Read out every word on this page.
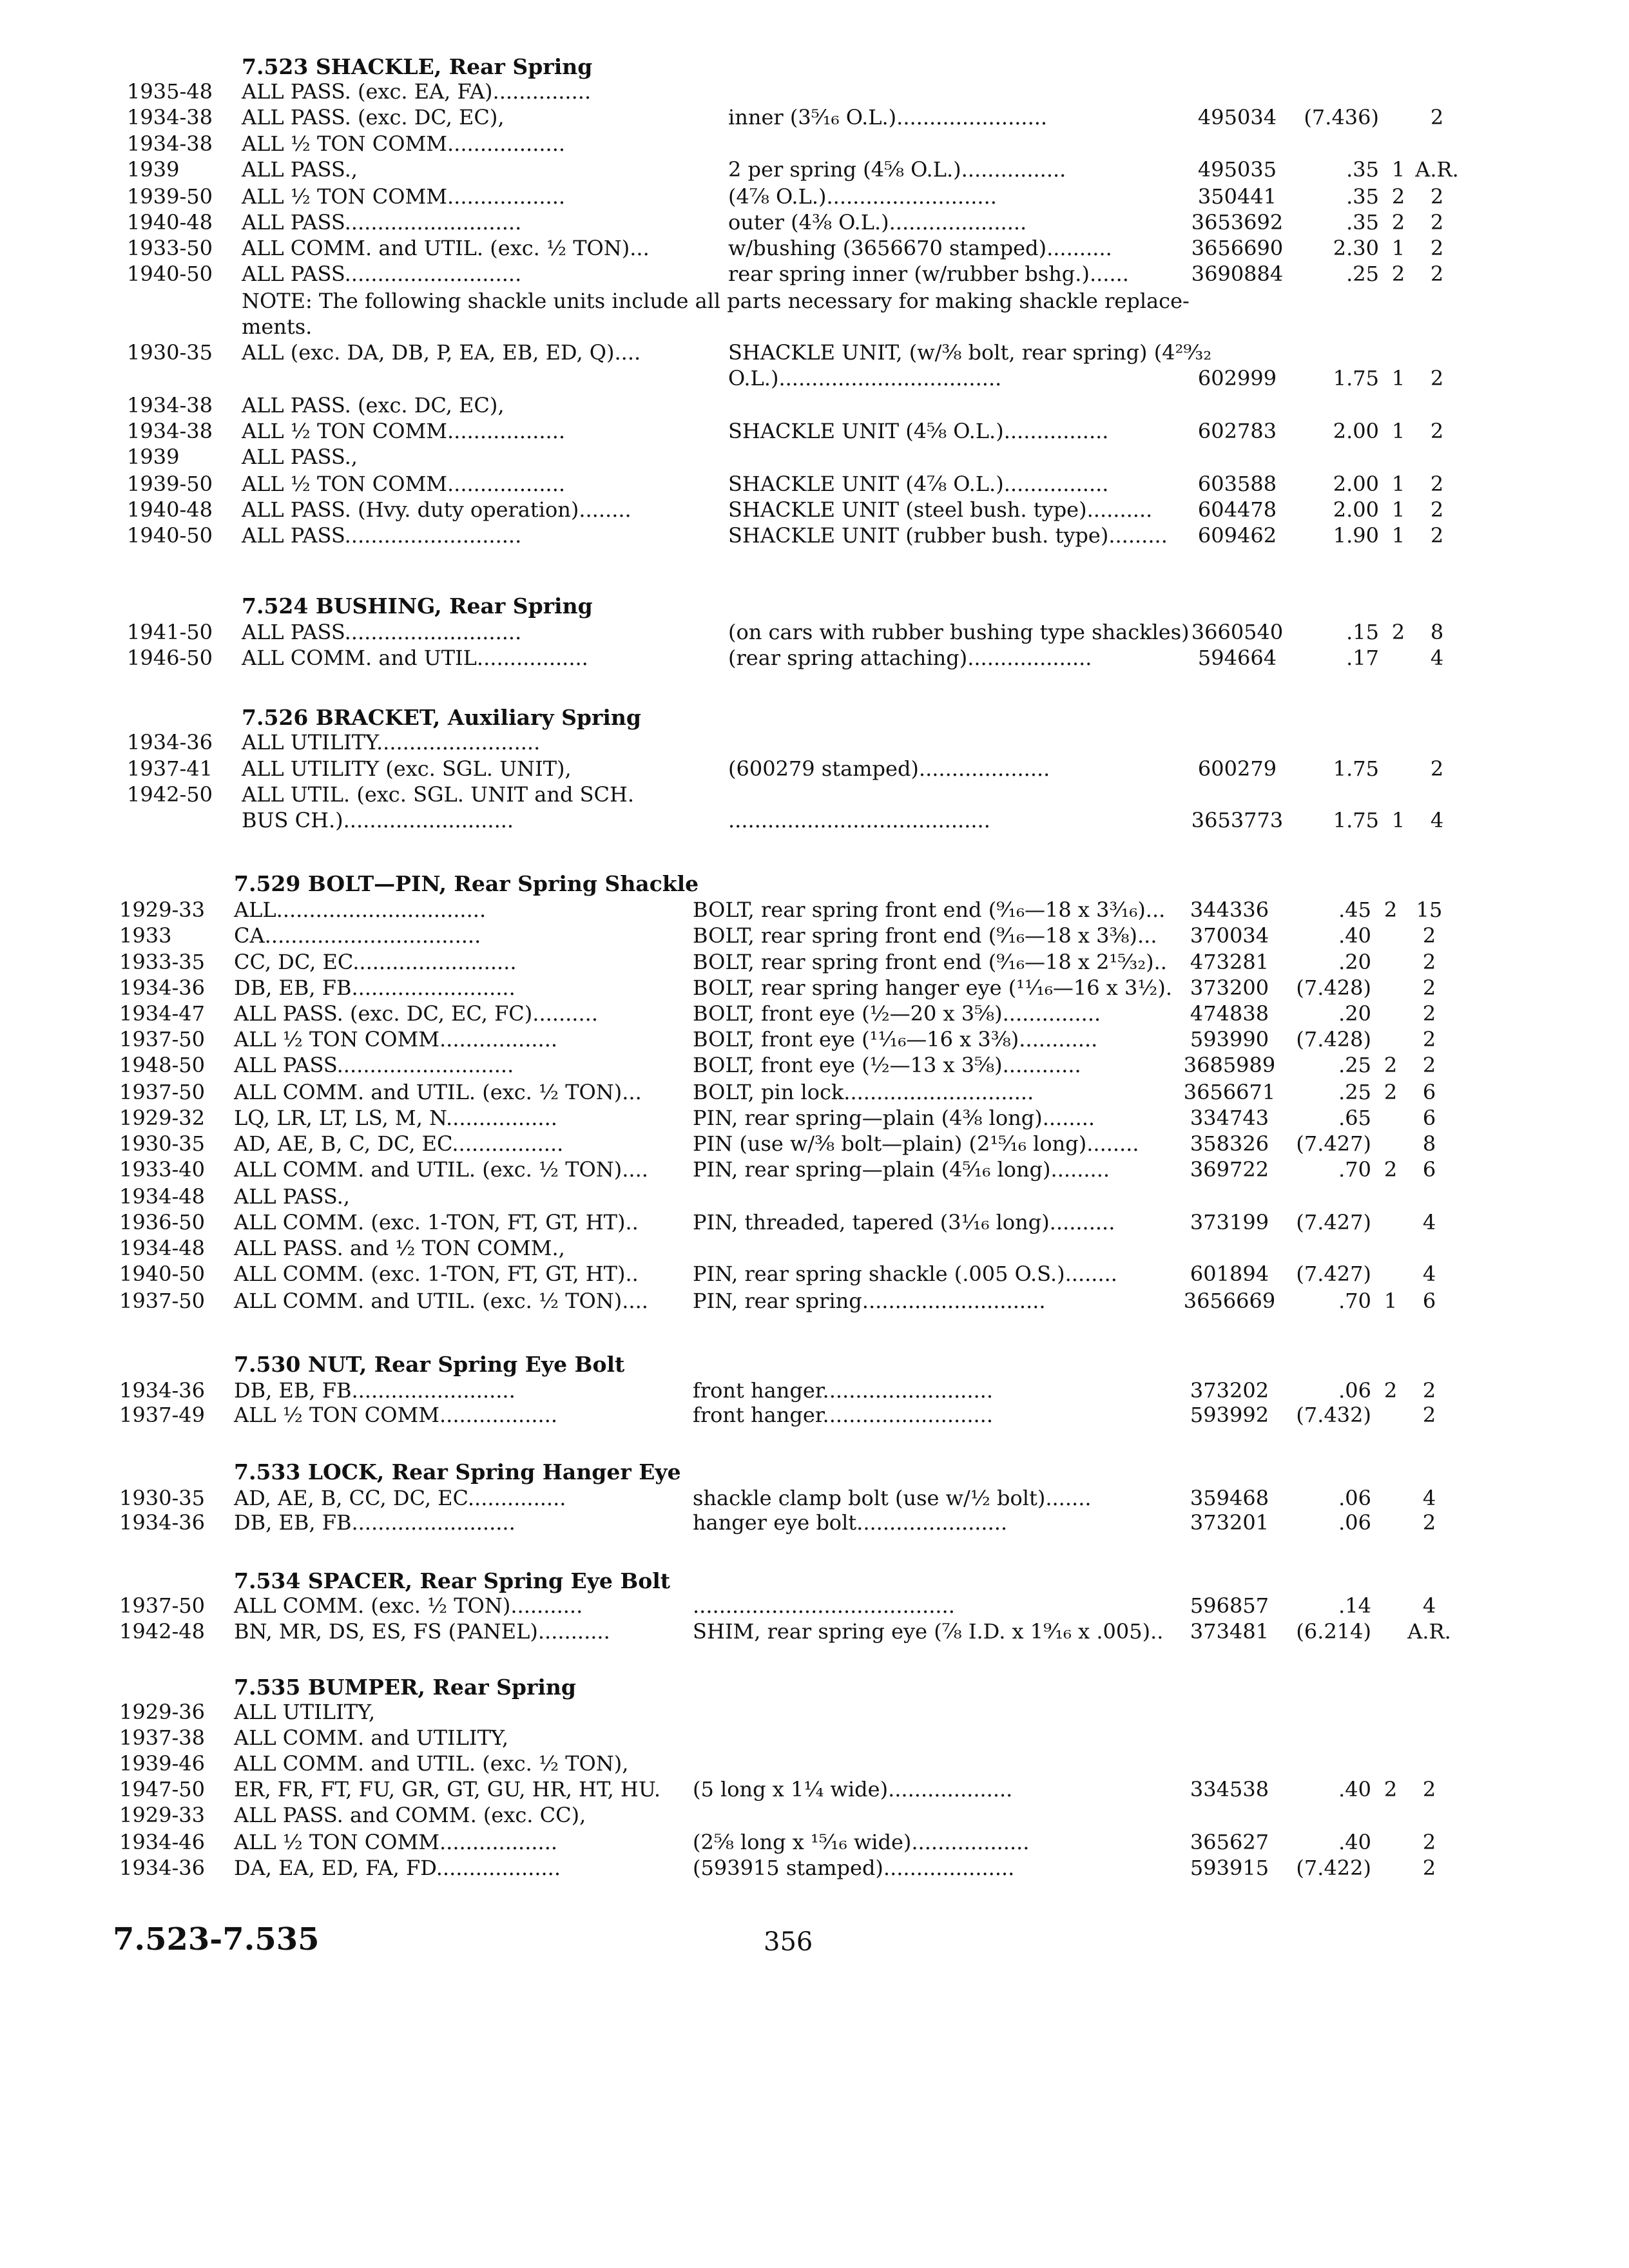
7.523 SHACKLE, Rear Spring
1935-48 ALL PASS. (exc. EA, FA)...............
1934-38 ALL PASS. (exc. DC, EC),	inner (3⁵⁄₁₆ O.L.).......................	495034	(7.436)	2
1934-38 ALL ½ TON COMM..................
1939	ALL PASS.,	2 per spring (4⅝ O.L.)................	495035	.35 1 A.R.
1939-50 ALL ½ TON COMM..................	(4⅞ O.L.)..........................	350441	.35 2	2
1940-48 ALL PASS...........................	outer (4⅜ O.L.).....................	3653692	.35 2	2
1933-50 ALL COMM. and UTIL. (exc. ½ TON)...	w/bushing (3656670 stamped)..........	3656690	2.30 1	2
1940-50 ALL PASS...........................	rear spring inner (w/rubber bshg.)......	3690884	.25 2	2
NOTE: The following shackle units include all parts necessary for making shackle replace-
ments.
1930-35 ALL (exc. DA, DB, P, EA, EB, ED, Q)....	SHACKLE UNIT, (w/⅜ bolt, rear spring) (4²⁹⁄₃₂
O.L.)..................................	602999	1.75 1	2
1934-38 ALL PASS. (exc. DC, EC),
1934-38 ALL ½ TON COMM..................	SHACKLE UNIT (4⅝ O.L.)................	602783	2.00 1	2
1939	ALL PASS.,
1939-50 ALL ½ TON COMM..................	SHACKLE UNIT (4⅞ O.L.)................	603588	2.00 1	2
1940-48 ALL PASS. (Hvy. duty operation)........	SHACKLE UNIT (steel bush. type)..........	604478	2.00 1	2
1940-50 ALL PASS...........................	SHACKLE UNIT (rubber bush. type).........	609462	1.90 1	2
7.524 BUSHING, Rear Spring
1941-50 ALL PASS...........................	(on cars with rubber bushing type shackles) 3660540	.15 2	8
1946-50 ALL COMM. and UTIL.................	(rear spring attaching)...................	594664	.17	4
7.526 BRACKET, Auxiliary Spring
1934-36 ALL UTILITY.........................
1937-41 ALL UTILITY (exc. SGL. UNIT),	(600279 stamped)....................	600279	1.75	2
1942-50 ALL UTIL. (exc. SGL. UNIT and SCH.
BUS CH.)..........................	........................................	3653773	1.75 1	4
7.529 BOLT—PIN, Rear Spring Shackle
1929-33 ALL................................	BOLT, rear spring front end (⁹⁄₁₆—18 x 3³⁄₁₆)...	344336	.45 2 15
1933	CA.................................	BOLT, rear spring front end (⁹⁄₁₆—18 x 3⅜)...	370034	.40	2
1933-35 CC, DC, EC.........................	BOLT, rear spring front end (⁹⁄₁₆—18 x 2¹⁵⁄₃₂)..	473281	.20	2
1934-36 DB, EB, FB.........................	BOLT, rear spring hanger eye (¹¹⁄₁₆—16 x 3½). 373200	(7.428)	2
1934-47 ALL PASS. (exc. DC, EC, FC)..........	BOLT, front eye (½—20 x 3⅝)...............	474838	.20	2
1937-50 ALL ½ TON COMM..................	BOLT, front eye (¹¹⁄₁₆—16 x 3⅜)............	593990	(7.428)	2
1948-50 ALL PASS...........................	BOLT, front eye (½—13 x 3⅝)............	3685989	.25 2	2
1937-50 ALL COMM. and UTIL. (exc. ½ TON)... BOLT, pin lock.............................	3656671	.25 2	6
1929-32 LQ, LR, LT, LS, M, N.................	PIN, rear spring—plain (4⅜ long)........	334743	.65	6
1930-35 AD, AE, B, C, DC, EC.................	PIN (use w/⅜ bolt—plain) (2¹⁵⁄₁₆ long)........	358326	(7.427)	8
1933-40 ALL COMM. and UTIL. (exc. ½ TON).... PIN, rear spring—plain (4⁵⁄₁₆ long).........	369722	.70 2	6
1934-48 ALL PASS.,
1936-50 ALL COMM. (exc. 1-TON, FT, GT, HT)..	PIN, threaded, tapered (3¹⁄₁₆ long)..........	373199	(7.427)	4
1934-48 ALL PASS. and ½ TON COMM.,
1940-50 ALL COMM. (exc. 1-TON, FT, GT, HT)..	PIN, rear spring shackle (.005 O.S.)........	601894	(7.427)	4
1937-50 ALL COMM. and UTIL. (exc. ½ TON).... PIN, rear spring............................	3656669	.70 1	6
7.530 NUT, Rear Spring Eye Bolt
1934-36 DB, EB, FB.........................	front hanger..........................	373202	.06 2	2
1937-49 ALL ½ TON COMM..................	front hanger..........................	593992	(7.432)	2
7.533 LOCK, Rear Spring Hanger Eye
1930-35 AD, AE, B, CC, DC, EC...............	shackle clamp bolt (use w/½ bolt).......	359468	.06	4
1934-36 DB, EB, FB.........................	hanger eye bolt.......................	373201	.06	2
7.534 SPACER, Rear Spring Eye Bolt
1937-50 ALL COMM. (exc. ½ TON)...........	........................................	596857	.14	4
1942-48 BN, MR, DS, ES, FS (PANEL)...........	SHIM, rear spring eye (⅞ I.D. x 1⁹⁄₁₆ x .005)..	373481	(6.214) A.R.
7.535 BUMPER, Rear Spring
1929-36 ALL UTILITY,
1937-38 ALL COMM. and UTILITY,
1939-46 ALL COMM. and UTIL. (exc. ½ TON),
1947-50 ER, FR, FT, FU, GR, GT, GU, HR, HT, HU. (5 long x 1¼ wide)...................	334538	.40 2	2
1929-33 ALL PASS. and COMM. (exc. CC),
1934-46 ALL ½ TON COMM..................	(2⅝ long x ¹⁵⁄₁₆ wide)..................	365627	.40	2
1934-36 DA, EA, ED, FA, FD...................	(593915 stamped)....................	593915	(7.422)	2
7.523-7.535	356
